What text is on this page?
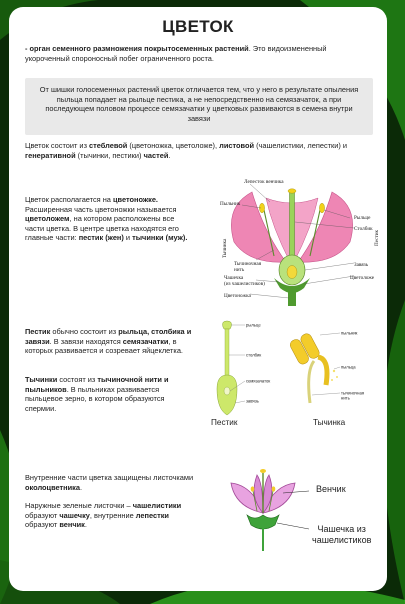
ЦВЕТОК
- орган семенного размножения покрытосеменных растений. Это видоизмененный укороченный спороносный побег ограниченного роста.
От шишки голосеменных растений цветок отличается тем, что у него в результате опыления пыльца попадает на рыльце пестика, а не непосредственно на семязачаток, а при последующем половом процессе семязачатки у цветковых развиваются в семена внутри завязи
Цветок состоит из стеблевой (цветоножка, цветоложе), листовой (чашелистики, лепестки) и генеративной (тычинки, пестики) частей.
Цветок располагается на цветоножке. Расширенная часть цветоножки называется цветоложем, на котором расположены все части цветка. В центре цветка находятся его главные части: пестик (жен) и тычинки (муж).
Лепесток венчика
Рыльце
Пыльник
Столбик
Тычинка
Пестик
Тычиночная
нить
Завязь
Чашечка
(из чашелистиков)
Цветоложе
Цветоножка
Пестик обычно состоит из рыльца, столбика и завязи. В завязи находятся семязачатки, в которых развивается и созревает яйцеклетка.
Тычинки состоят из тычиночной нити и пыльников. В пыльниках развивается пыльцевое зерно, в котором образуются спермии.
рыльце
столбик
семязачаток
завязь
пыльник
пыльца
тычиночная
нить
Пестик	Тычинка
Внутренние части цветка защищены листочками околоцветника.
Наружные зеленые листочки – чашелистики образуют чашечку, внутренние лепестки образуют венчик.
Венчик
Чашечка из
чашелистиков
БИОЛОГИЯ
с Мариной Брейн
